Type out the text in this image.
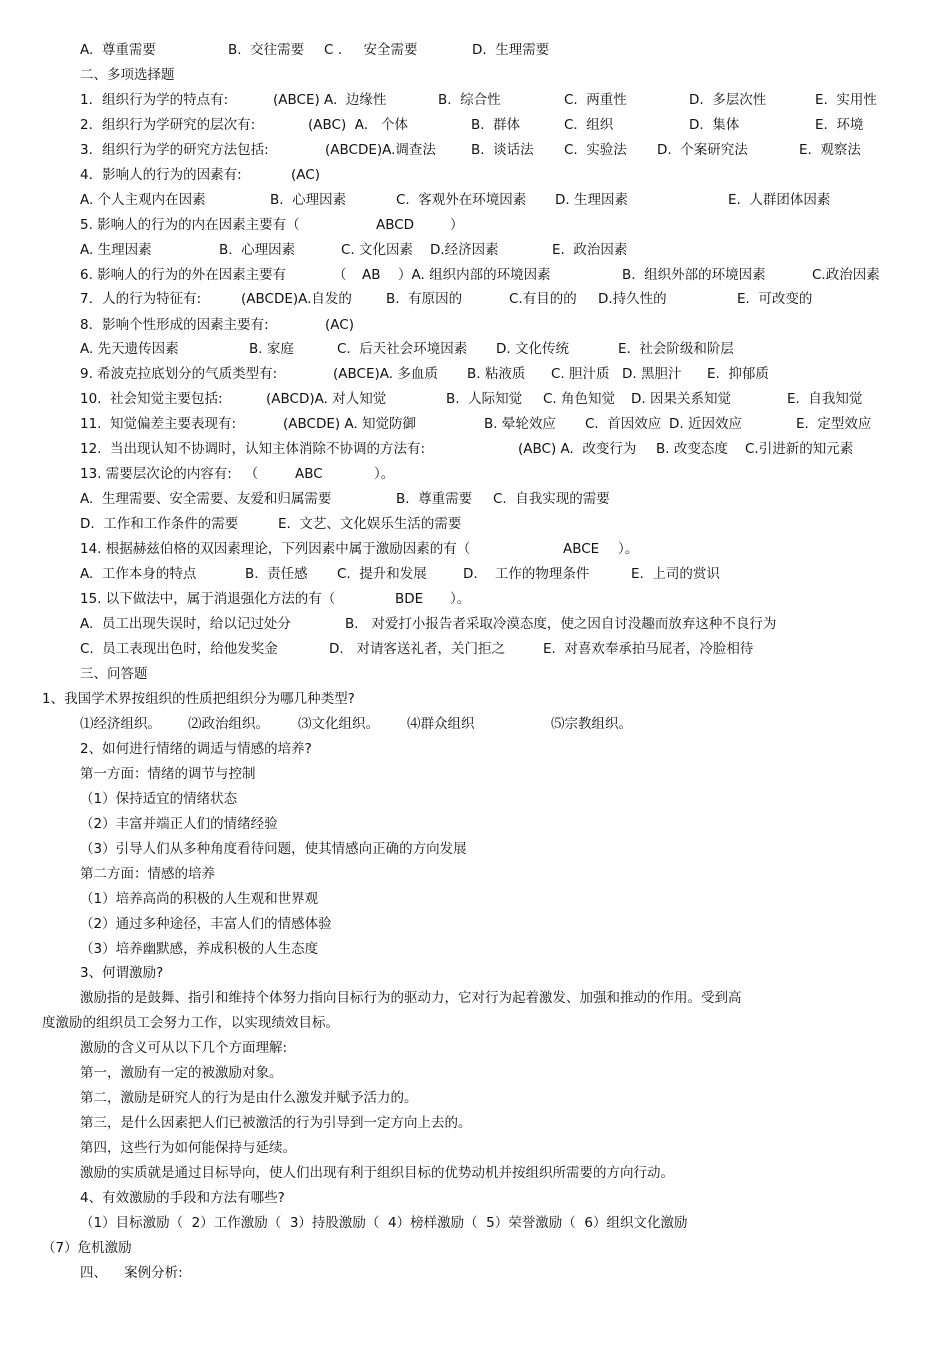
A.  尊重需要

	B.  交往需要

C .     安全需要

	D.  生理需要

二、多项选择题

1．组织行为学的特点有:

	(ABCE) A.  边缘性

	B.  综合性

	C.  两重性

	D.  多层次性

	E.  实用性

2．组织行为学研究的层次有:

	(ABC)  A.   个体

	B.  群体

	C.  组织

	D.  集体

	E.  环境

3．组织行为学的研究方法包括:

	(ABCDE)A.调查法

	B.  谈话法

C.  实验法

D.  个案研究法

	E.  观察法

4．影响人的行为的因素有:

	(AC)

A. 个人主观内在因素

	B.  心理因素

	C.  客观外在环境因素

D. 生理因素

	E.  人群团体因素

5. 影响人的行为的内在因素主要有（

	ABCD

	）

A. 生理因素

	B.  心理因素

	C. 文化因素

D.经济因素

	E.  政治因素

6. 影响人的行为的外在因素主要有

	（

AB

）A. 组织内部的环境因素

	B.  组织外部的环境因素

	C.政治因素

7．人的行为特征有:

	(ABCDE)A.自发的

	B.  有原因的

	C.有目的的

D.持久性的

	E.  可改变的

8．影响个性形成的因素主要有:

	(AC)

A. 先天遗传因素

	B. 家庭

	C.  后天社会环境因素

D. 文化传统

	E.  社会阶级和阶层

9. 希波克拉底划分的气质类型有:

	(ABCE)A. 多血质

B. 粘液质

C. 胆汁质

D. 黑胆汁

E.  抑郁质

10.  社会知觉主要包括:

	(ABCD)A. 对人知觉

	B.  人际知觉

C. 角色知觉

D. 因果关系知觉

	E.  自我知觉

11.  知觉偏差主要表现有:

	(ABCDE) A. 知觉防御

	B. 晕轮效应

C.  首因效应

D. 近因效应

	E.  定型效应

12.  当出现认知不协调时，认知主体消除不协调的方法有:

	(ABC) A.  改变行为

B. 改变态度

C.引进新的知元素

13. 需要层次论的内容有:   （

	ABC

	）。

A.  生理需要、安全需要、友爱和归属需要

	B.  尊重需要

C.  自我实现的需要

D.  工作和工作条件的需要

	E.  文艺、文化娱乐生活的需要

14. 根据赫兹伯格的双因素理论，下列因素中属于激励因素的有（

	ABCE

）。

A.  工作本身的特点

	B.  责任感

C.  提升和发展

	D.    工作的物理条件

	E.  上司的赏识

15. 以下做法中，属于消退强化方法的有（

	BDE

）。

A.  员工出现失误时，给以记过处分

	B.   对爱打小报告者采取冷漠态度，使之因自讨没趣而放弃这种不良行为

C.  员工表现出色时，给他发奖金

	D.   对请客送礼者，关门拒之

	E.  对喜欢奉承拍马屁者，冷脸相待

三、问答题
1、我国学术界按组织的性质把组织分为哪几种类型?

⑴经济组织。

⑵政治组织。

⑶文化组织。

⑷群众组织

	⑸宗教组织。

2、如何进行情绪的调适与情感的培养?
第一方面：情绪的调节与控制
（1）保持适宜的情绪状态
（2）丰富并端正人们的情绪经验
（3）引导人们从多种角度看待问题，使其情感向正确的方向发展
第二方面：情感的培养
（1）培养高尚的积极的人生观和世界观
（2）通过多种途径，丰富人们的情感体验
（3）培养幽默感，养成积极的人生态度
3、何谓激励?
激励指的是鼓舞、指引和维持个体努力指向目标行为的驱动力，它对行为起着激发、加强和推动的作用。受到高
度激励的组织员工会努力工作，以实现绩效目标。
激励的含义可从以下几个方面理解:
第一，激励有一定的被激励对象。
第二，激励是研究人的行为是由什么激发并赋予活力的。
第三，是什么因素把人们已被激活的行为引导到一定方向上去的。
第四，这些行为如何能保持与延续。
激励的实质就是通过目标导向，使人们出现有利于组织目标的优势动机并按组织所需要的方向行动。
4、有效激励的手段和方法有哪些?
（1）目标激励（  2）工作激励（  3）持股激励（  4）榜样激励（  5）荣誉激励（  6）组织文化激励
（7）危机激励
四、    案例分析:
